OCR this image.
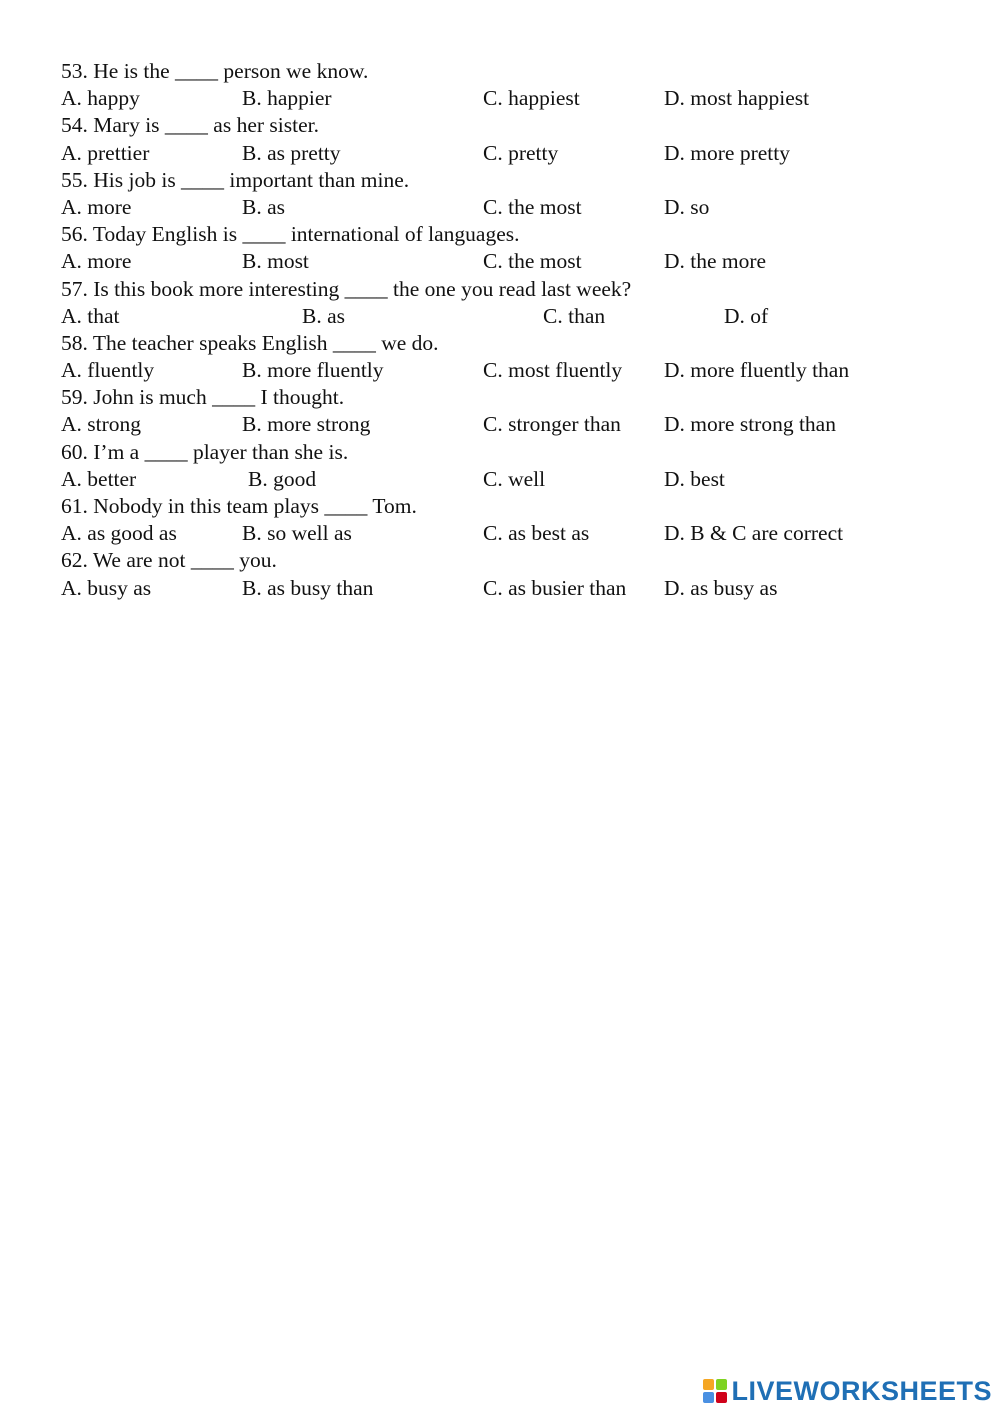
53. He is the ____ person we know.
A. happy	B. happier	C. happiest	D. most happiest
54. Mary is ____ as her sister.
A. prettier	B. as pretty	C. pretty	D. more pretty
55. His job is ____ important than mine.
A. more	B. as	C. the most	D. so
56. Today English is ____ international of languages.
A. more	B. most	C. the most	D. the more
57. Is this book more interesting ____ the one you read last week?
A. that	B. as	C. than	D. of
58. The teacher speaks English ____ we do.
A. fluently	B. more fluently	C. most fluently D. more fluently than
59. John is much ____ I thought.
A. strong	B. more strong	C. stronger than D. more strong than
60. I’m a ____ player than she is.
A. better	B. good	C. well	D. best
61. Nobody in this team plays ____ Tom.
A. as good as	B. so well as	C. as best as	D. B & C are correct
62. We are not ____ you.
A. busy as	B. as busy than	C. as busier than D. as busy as
LIVEWORKSHEETS
